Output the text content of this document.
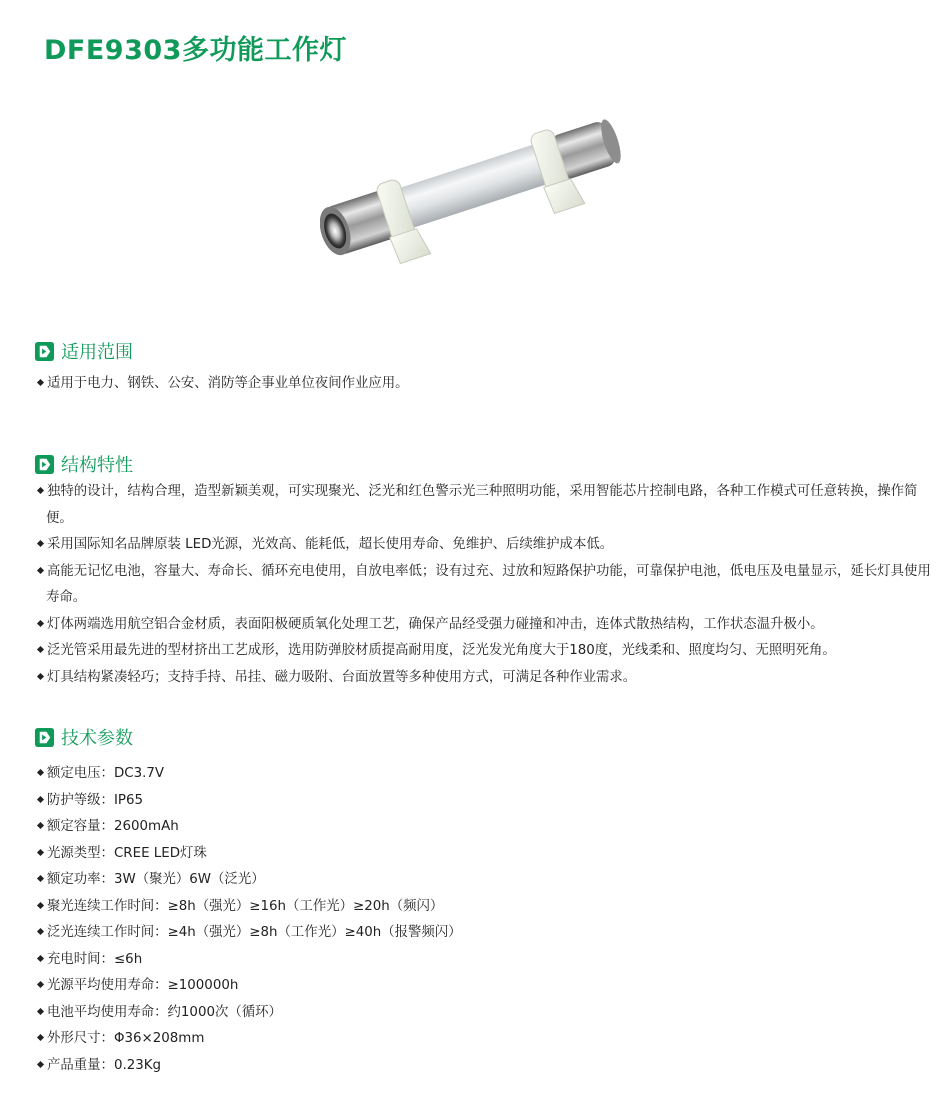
DFE9303多功能工作灯
适用范围
适用于电力、钢铁、公安、消防等企事业单位夜间作业应用。
结构特性
独特的设计，结构合理，造型新颖美观，可实现聚光、泛光和红色警示光三种照明功能，采用智能芯片控制电路，各种工作模式可任意转换，操作简便。
采用国际知名品牌原装 LED光源，光效高、能耗低，超长使用寿命、免维护、后续维护成本低。
高能无记忆电池，容量大、寿命长、循环充电使用，自放电率低；设有过充、过放和短路保护功能，可靠保护电池，低电压及电量显示，延长灯具使用寿命。
灯体两端选用航空铝合金材质，表面阳极硬质氧化处理工艺，确保产品经受强力碰撞和冲击，连体式散热结构，工作状态温升极小。
泛光管采用最先进的型材挤出工艺成形，选用防弹胶材质提高耐用度，泛光发光角度大于180度，光线柔和、照度均匀、无照明死角。
灯具结构紧凑轻巧；支持手持、吊挂、磁力吸附、台面放置等多种使用方式，可满足各种作业需求。
技术参数
额定电压：DC3.7V
防护等级：IP65
额定容量：2600mAh
光源类型：CREE LED灯珠
额定功率：3W（聚光）6W（泛光）
聚光连续工作时间：≥8h（强光）≥16h（工作光）≥20h（频闪）
泛光连续工作时间：≥4h（强光）≥8h（工作光）≥40h（报警频闪）
充电时间：≤6h
光源平均使用寿命：≥100000h
电池平均使用寿命：约1000次（循环）
外形尺寸：Φ36×208mm
产品重量：0.23Kg
